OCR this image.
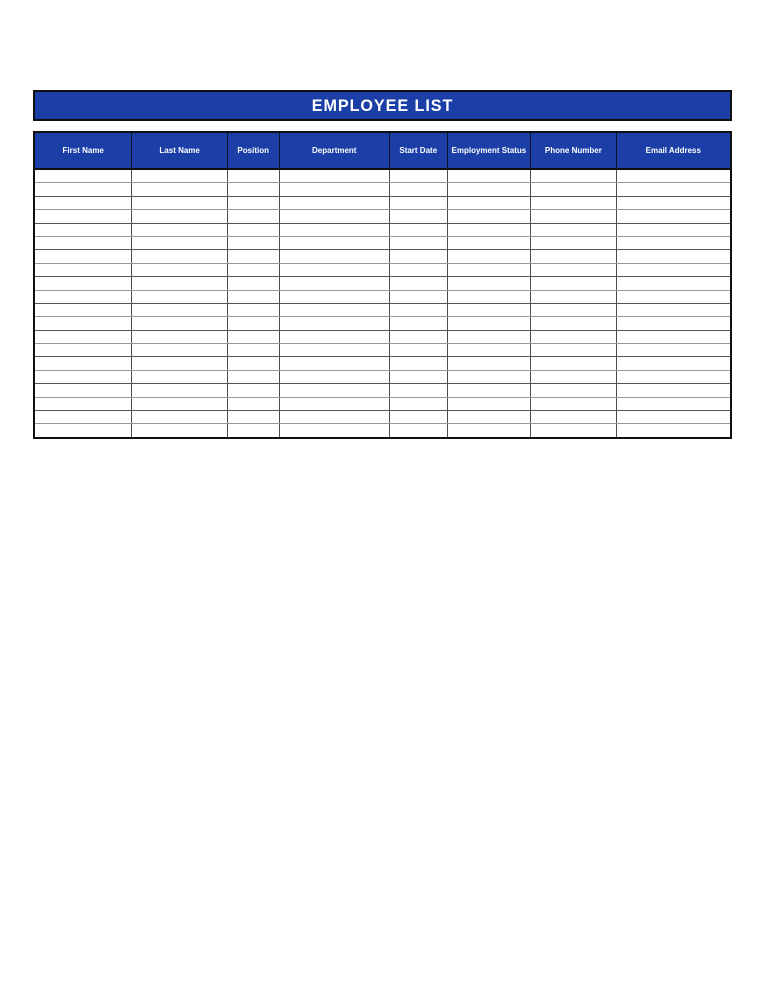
EMPLOYEE LIST
First Name	Last Name	Position	Department	Start Date	Employment Status	Phone Number	Email Address
